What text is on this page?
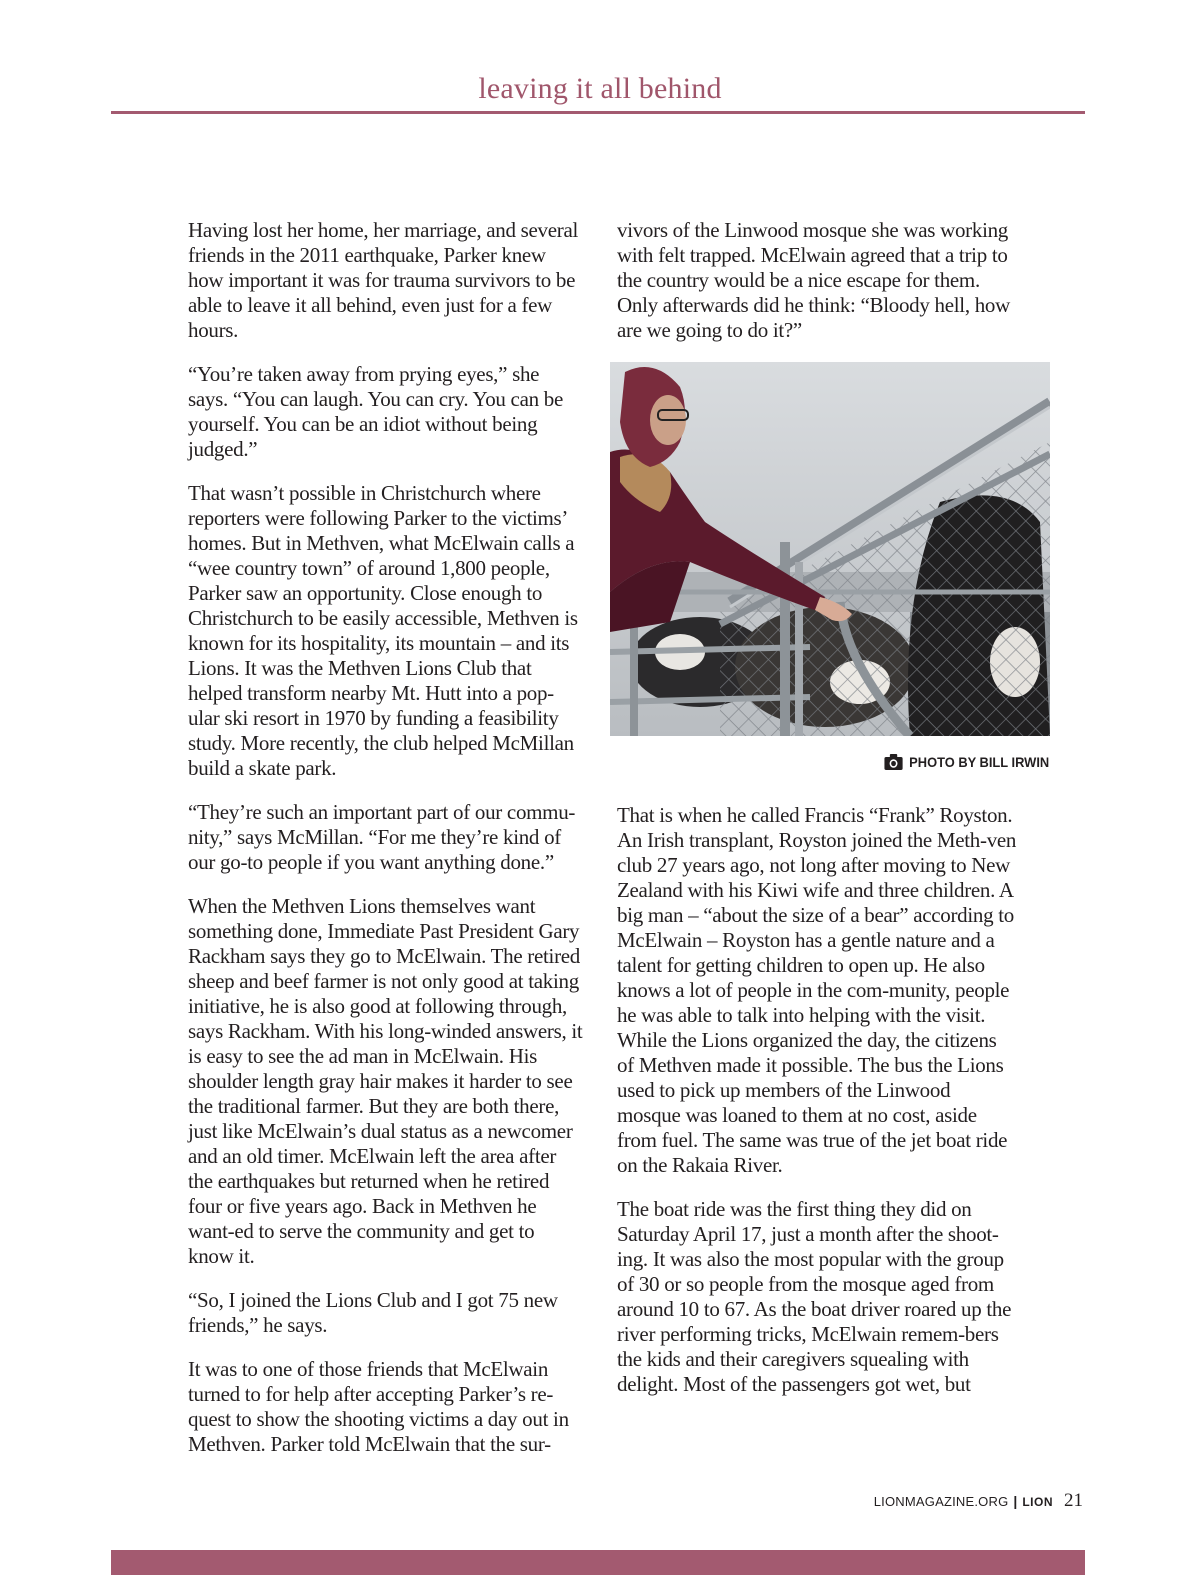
leaving it all behind

Having lost her home, her marriage, and several friends in the 2011 earthquake, Parker knew how important it was for trauma survivors to be able to leave it all behind, even just for a few hours.

“You’re taken away from prying eyes,” she says. “You can laugh. You can cry. You can be yourself. You can be an idiot without being judged.”

That wasn’t possible in Christchurch where reporters were following Parker to the victims’ homes. But in Methven, what McElwain calls a “wee country town” of around 1,800 people, Parker saw an opportunity. Close enough to Christchurch to be easily accessible, Methven is known for its hospitality, its mountain – and its Lions. It was the Methven Lions Club that helped transform nearby Mt. Hutt into a pop-ular ski resort in 1970 by funding a feasibility study. More recently, the club helped McMillan build a skate park.

“They’re such an important part of our commu-nity,” says McMillan. “For me they’re kind of our go-to people if you want anything done.”

When the Methven Lions themselves want something done, Immediate Past President Gary Rackham says they go to McElwain. The retired sheep and beef farmer is not only good at taking initiative, he is also good at following through, says Rackham. With his long-winded answers, it is easy to see the ad man in McElwain. His shoulder length gray hair makes it harder to see the traditional farmer. But they are both there, just like McElwain’s dual status as a newcomer and an old timer. McElwain left the area after the earthquakes but returned when he retired four or five years ago. Back in Methven he want-ed to serve the community and get to know it.

“So, I joined the Lions Club and I got 75 new friends,” he says.

It was to one of those friends that McElwain turned to for help after accepting Parker’s re-quest to show the shooting victims a day out in Methven. Parker told McElwain that the sur-

vivors of the Linwood mosque she was working with felt trapped. McElwain agreed that a trip to the country would be a nice escape for them. Only afterwards did he think: “Bloody hell, how are we going to do it?”

PHOTO BY BILL IRWIN

That is when he called Francis “Frank” Royston. An Irish transplant, Royston joined the Meth-ven club 27 years ago, not long after moving to New Zealand with his Kiwi wife and three children. A big man – “about the size of a bear” according to McElwain – Royston has a gentle nature and a talent for getting children to open up. He also knows a lot of people in the com-munity, people he was able to talk into helping with the visit. While the Lions organized the day, the citizens of Methven made it possible. The bus the Lions used to pick up members of the Linwood mosque was loaned to them at no cost, aside from fuel. The same was true of the jet boat ride on the Rakaia River.

The boat ride was the first thing they did on Saturday April 17, just a month after the shoot-ing. It was also the most popular with the group of 30 or so people from the mosque aged from around 10 to 67. As the boat driver roared up the river performing tricks, McElwain remem-bers the kids and their caregivers squealing with delight. Most of the passengers got wet, but

LIONMAGAZINE.ORG | LION 21
